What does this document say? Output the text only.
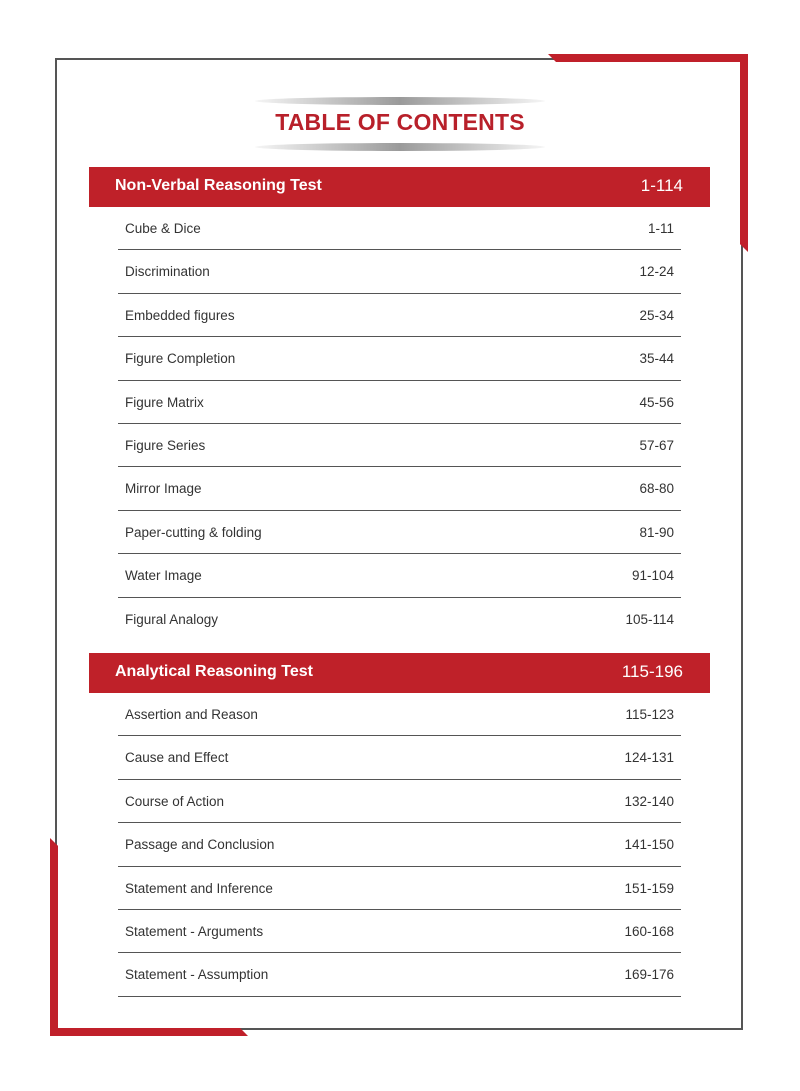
TABLE OF CONTENTS
Non-Verbal Reasoning Test	1-114
Cube & Dice	1-11
Discrimination	12-24
Embedded figures	25-34
Figure Completion	35-44
Figure Matrix	45-56
Figure Series	57-67
Mirror Image	68-80
Paper-cutting & folding	81-90
Water Image	91-104
Figural Analogy	105-114
Analytical Reasoning Test	115-196
Assertion and Reason	115-123
Cause and Effect	124-131
Course of Action	132-140
Passage and Conclusion	141-150
Statement and Inference	151-159
Statement - Arguments	160-168
Statement - Assumption	169-176
